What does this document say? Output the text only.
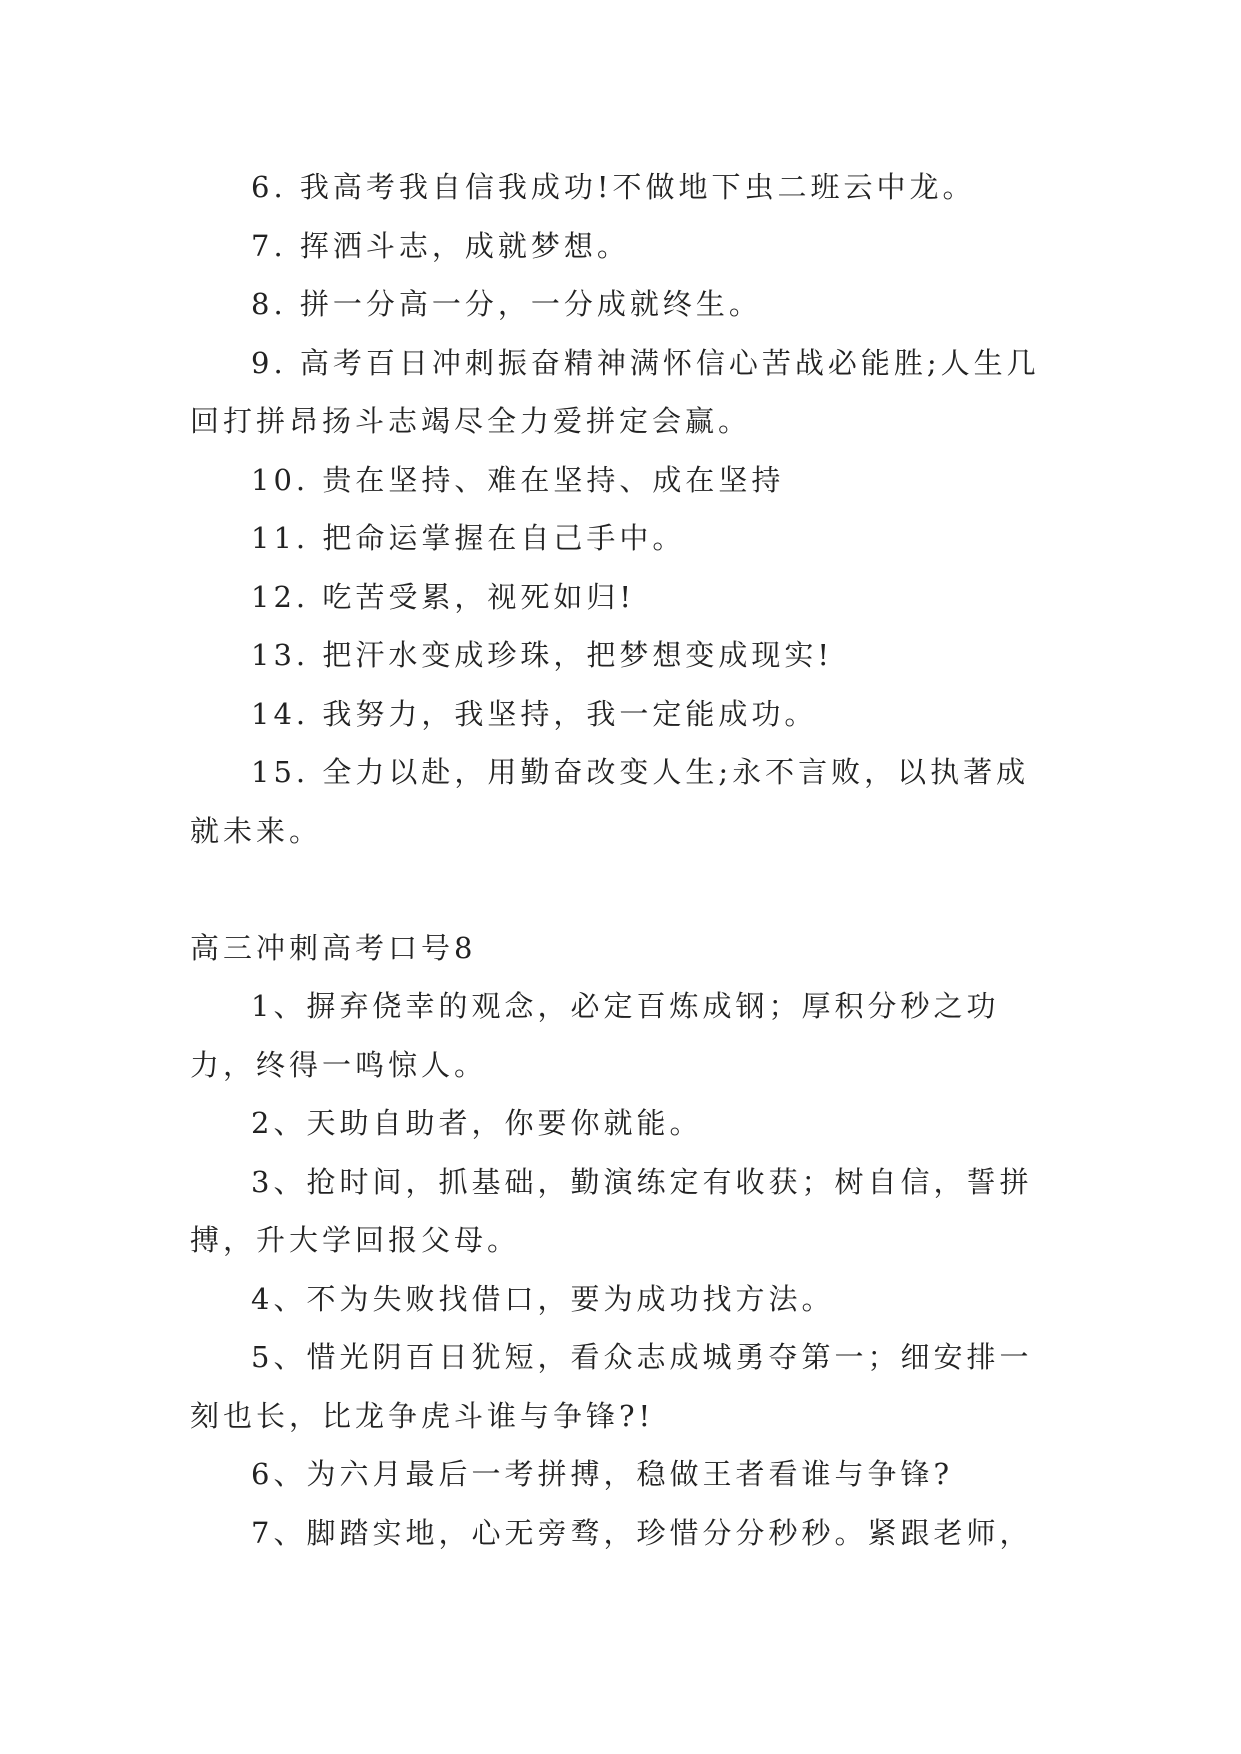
6. 我高考我自信我成功!不做地下虫二班云中龙。

7. 挥洒斗志，成就梦想。

8. 拼一分高一分，一分成就终生。

9. 高考百日冲刺振奋精神满怀信心苦战必能胜;人生几回打拼昂扬斗志竭尽全力爱拼定会赢。

10. 贵在坚持、难在坚持、成在坚持

11. 把命运掌握在自己手中。

12. 吃苦受累，视死如归!

13. 把汗水变成珍珠，把梦想变成现实!

14. 我努力，我坚持，我一定能成功。

15. 全力以赴，用勤奋改变人生;永不言败，以执著成就未来。

高三冲刺高考口号8

1、摒弃侥幸的观念，必定百炼成钢；厚积分秒之功力，终得一鸣惊人。

2、天助自助者，你要你就能。

3、抢时间，抓基础，勤演练定有收获；树自信，誓拼搏，升大学回报父母。

4、不为失败找借口，要为成功找方法。

5、惜光阴百日犹短，看众志成城勇夺第一；细安排一刻也长，比龙争虎斗谁与争锋?!

6、为六月最后一考拼搏，稳做王者看谁与争锋?

7、脚踏实地，心无旁骛，珍惜分分秒秒。紧跟老师，
